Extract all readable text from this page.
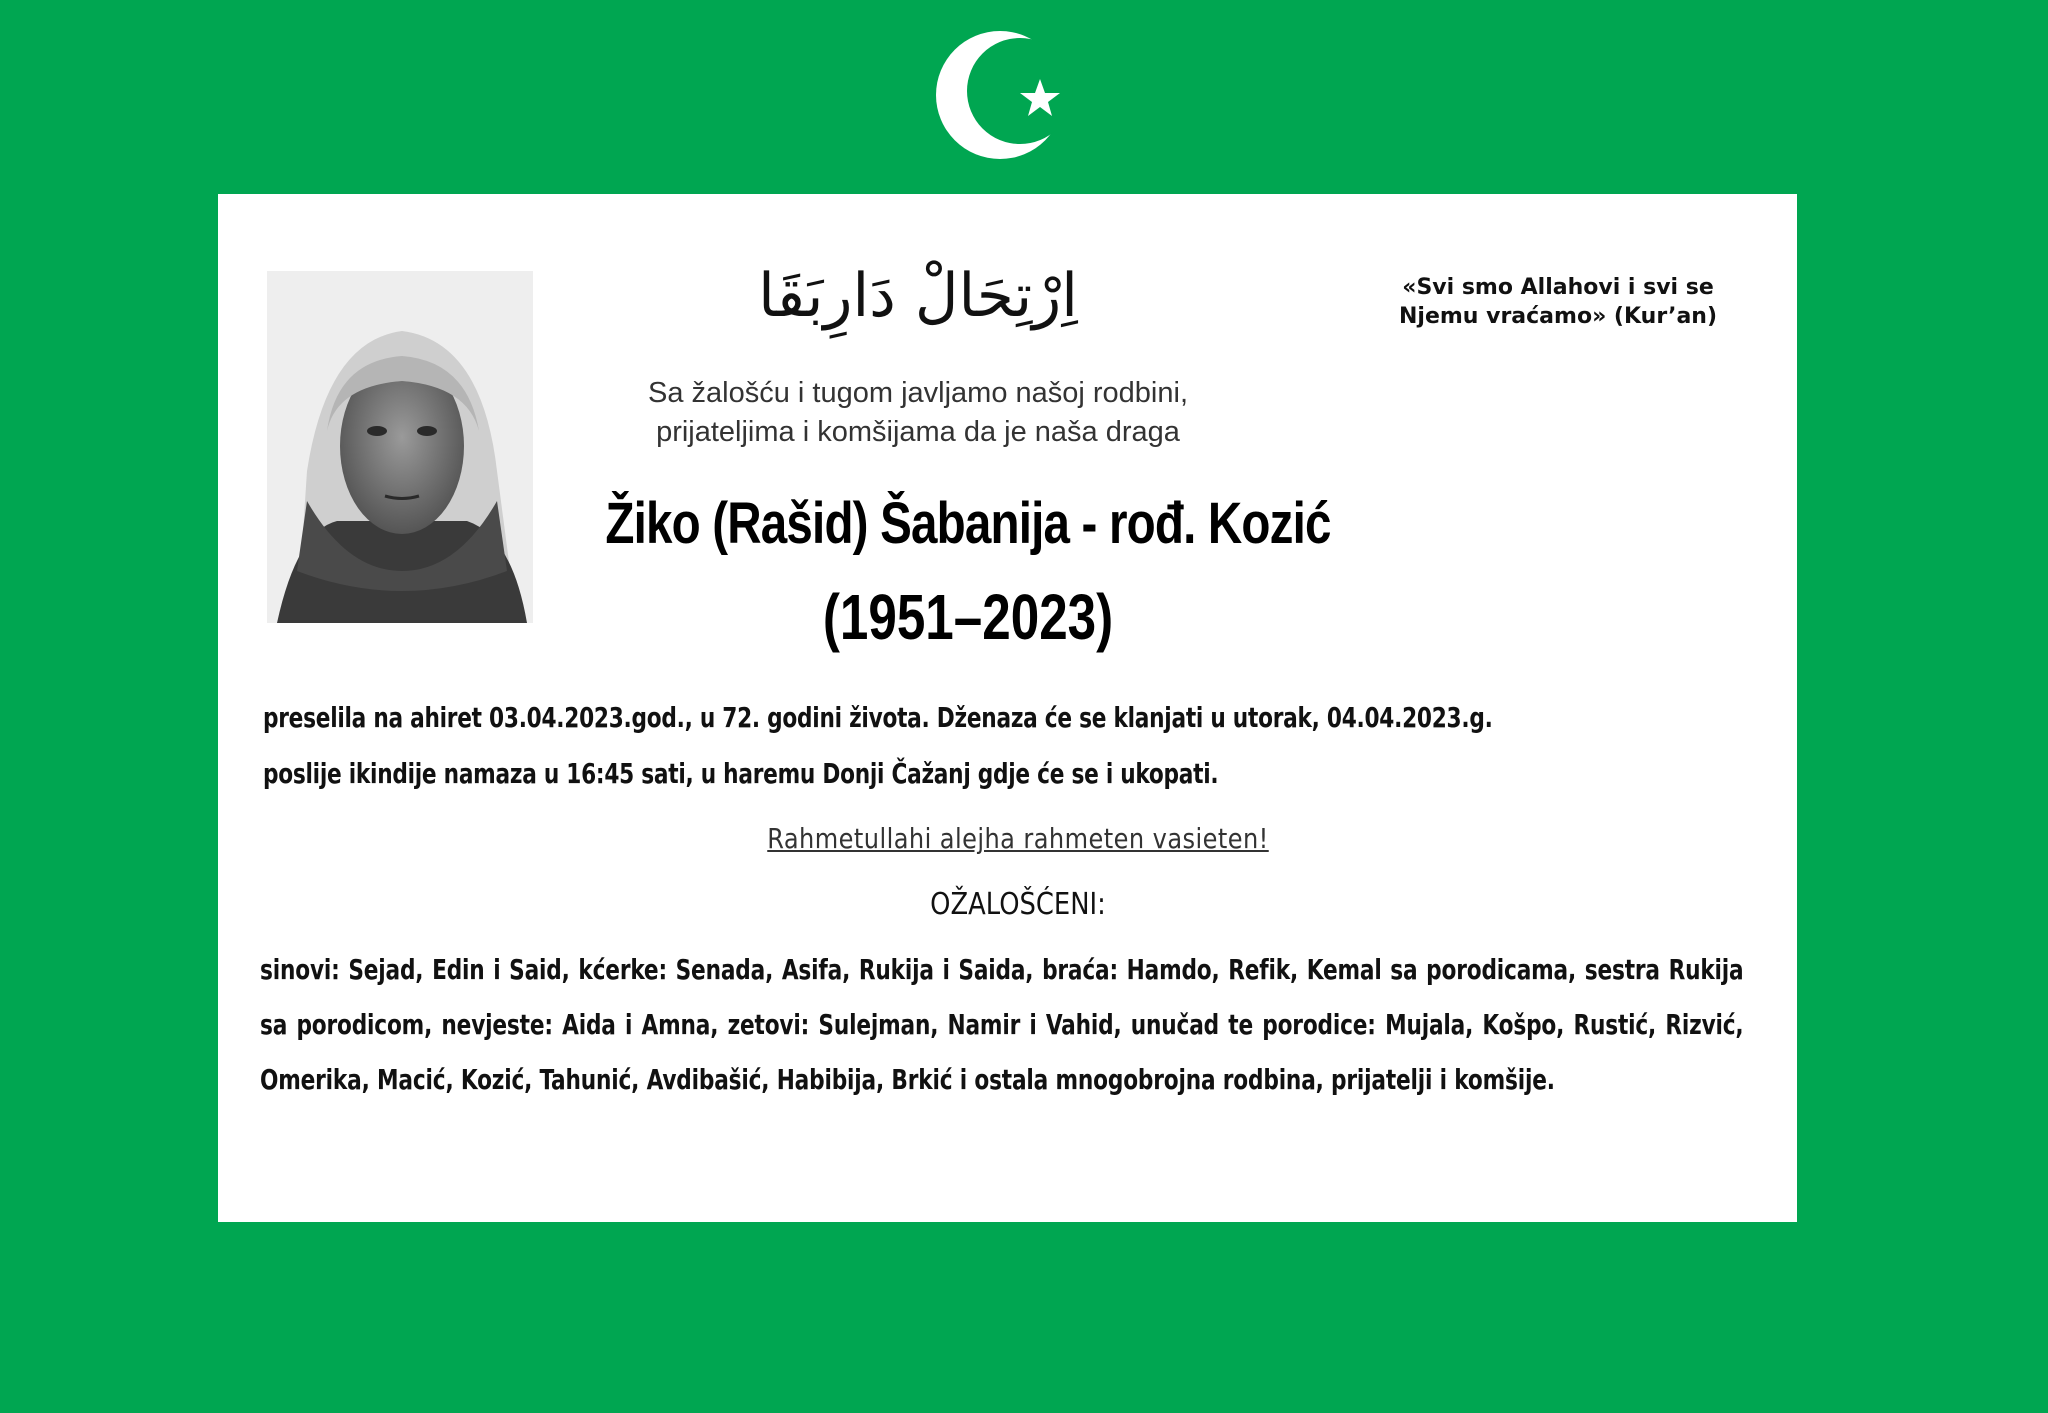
اِرْتِحَالْ دَارِبَقَا	«Svi smo Allahovi i svi se
Njemu vraćamo» (Kur’an)
Sa žalošću i tugom javljamo našoj rodbini,
prijateljima i komšijama da je naša draga
Žiko (Rašid) Šabanija - rođ. Kozić
(1951–2023)
preselila na ahiret 03.04.2023.god., u 72. godini života. Dženaza će se klanjati u utorak, 04.04.2023.g.
poslije ikindije namaza u 16:45 sati, u haremu Donji Čažanj gdje će se i ukopati.
Rahmetullahi alejha rahmeten vasieten!
OŽALOŠĆENI:
sinovi: Sejad, Edin i Said, kćerke: Senada, Asifa, Rukija i Saida, braća: Hamdo, Refik, Kemal sa porodicama, sestra Rukija sa porodicom, nevjeste: Aida i Amna, zetovi: Sulejman, Namir i Vahid, unučad te porodice: Mujala, Košpo, Rustić, Rizvić, Omerika, Macić, Kozić, Tahunić, Avdibašić, Habibija, Brkić i ostala mnogobrojna rodbina, prijatelji i komšije.
